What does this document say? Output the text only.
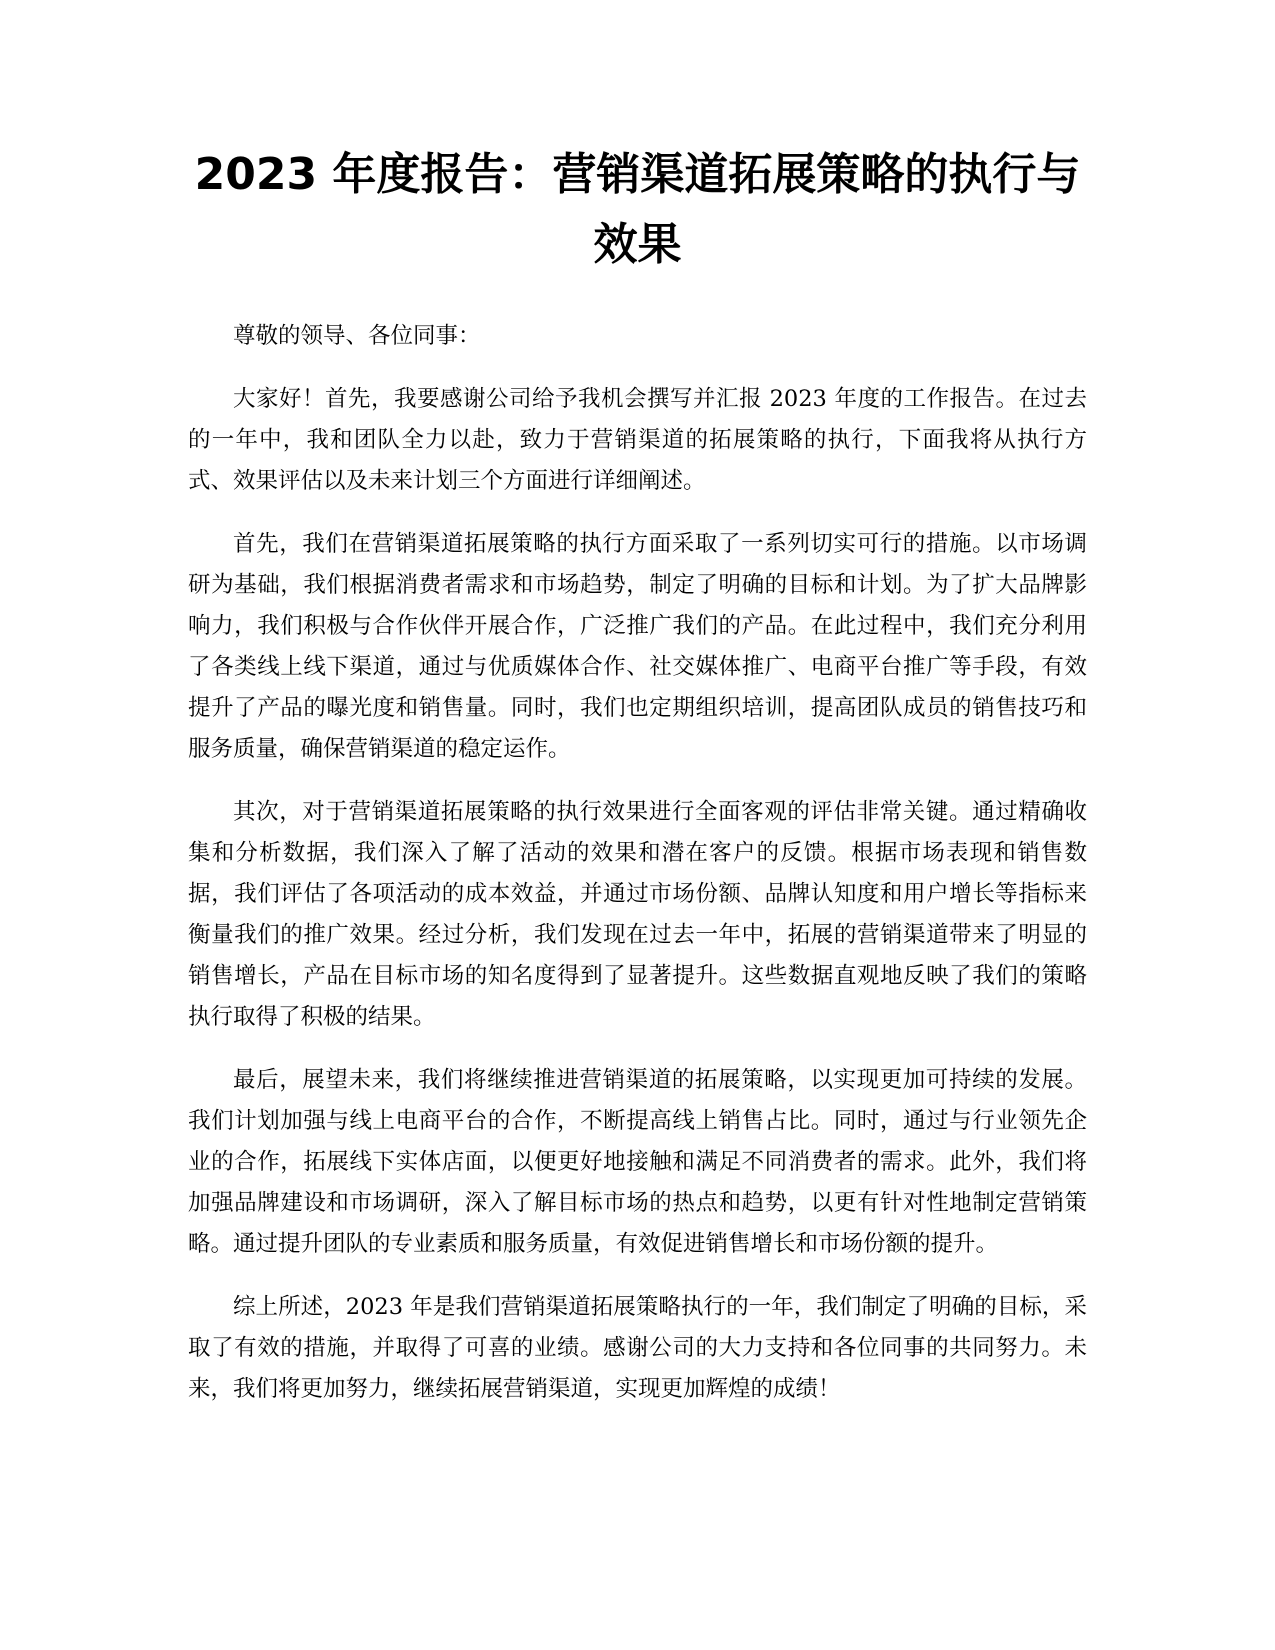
2023 年度报告：营销渠道拓展策略的执行与效果

尊敬的领导、各位同事：

大家好！首先，我要感谢公司给予我机会撰写并汇报 2023 年度的工作报告。在过去的一年中，我和团队全力以赴，致力于营销渠道的拓展策略的执行，下面我将从执行方式、效果评估以及未来计划三个方面进行详细阐述。

首先，我们在营销渠道拓展策略的执行方面采取了一系列切实可行的措施。以市场调研为基础，我们根据消费者需求和市场趋势，制定了明确的目标和计划。为了扩大品牌影响力，我们积极与合作伙伴开展合作，广泛推广我们的产品。在此过程中，我们充分利用了各类线上线下渠道，通过与优质媒体合作、社交媒体推广、电商平台推广等手段，有效提升了产品的曝光度和销售量。同时，我们也定期组织培训，提高团队成员的销售技巧和服务质量，确保营销渠道的稳定运作。

其次，对于营销渠道拓展策略的执行效果进行全面客观的评估非常关键。通过精确收集和分析数据，我们深入了解了活动的效果和潜在客户的反馈。根据市场表现和销售数据，我们评估了各项活动的成本效益，并通过市场份额、品牌认知度和用户增长等指标来衡量我们的推广效果。经过分析，我们发现在过去一年中，拓展的营销渠道带来了明显的销售增长，产品在目标市场的知名度得到了显著提升。这些数据直观地反映了我们的策略执行取得了积极的结果。

最后，展望未来，我们将继续推进营销渠道的拓展策略，以实现更加可持续的发展。我们计划加强与线上电商平台的合作，不断提高线上销售占比。同时，通过与行业领先企业的合作，拓展线下实体店面，以便更好地接触和满足不同消费者的需求。此外，我们将加强品牌建设和市场调研，深入了解目标市场的热点和趋势，以更有针对性地制定营销策略。通过提升团队的专业素质和服务质量，有效促进销售增长和市场份额的提升。

综上所述，2023 年是我们营销渠道拓展策略执行的一年，我们制定了明确的目标，采取了有效的措施，并取得了可喜的业绩。感谢公司的大力支持和各位同事的共同努力。未来，我们将更加努力，继续拓展营销渠道，实现更加辉煌的成绩！
